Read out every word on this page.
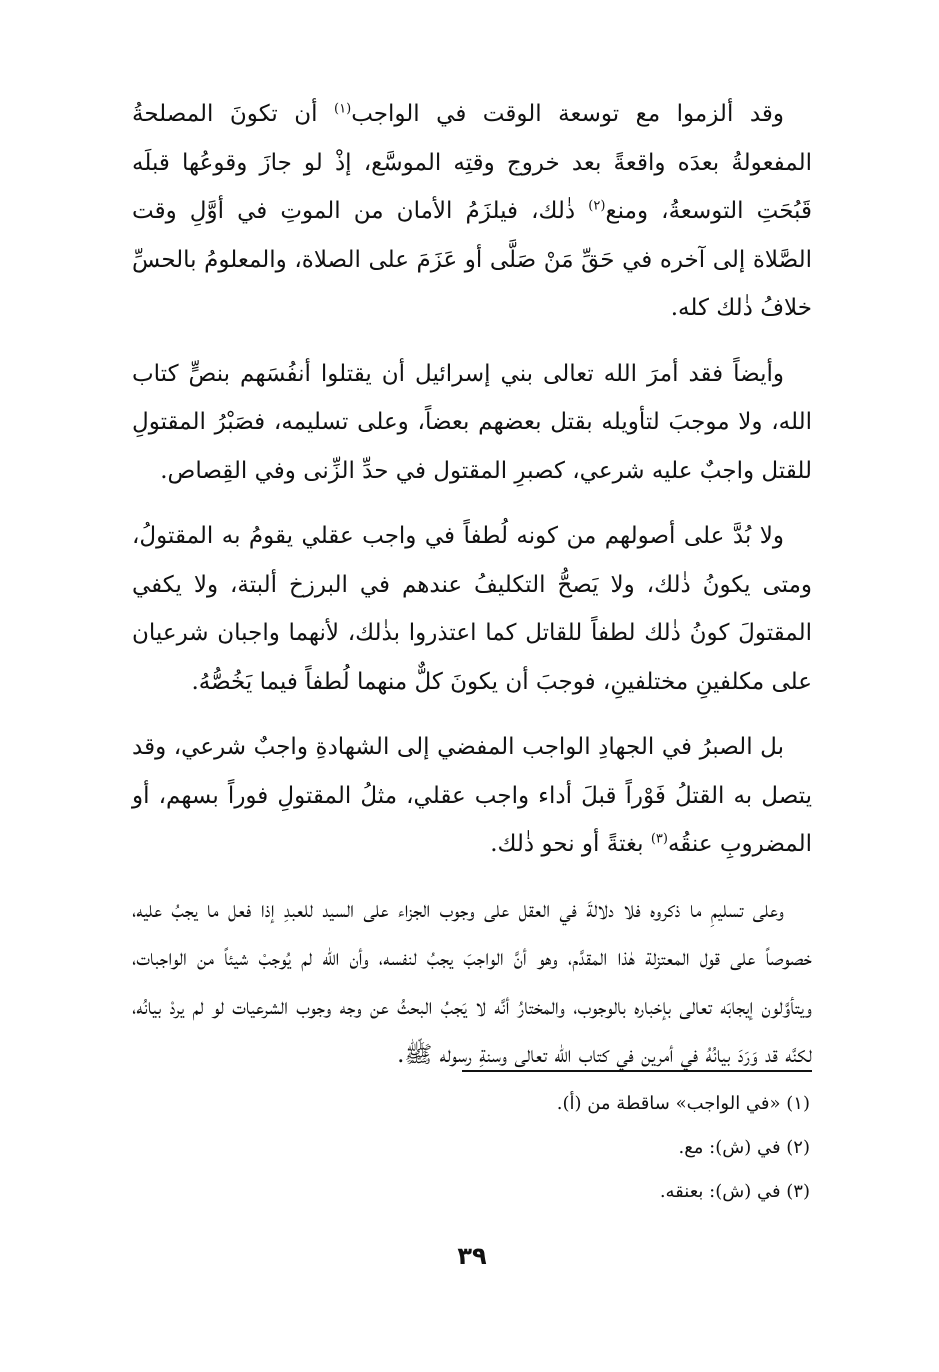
وقد ألزموا مع توسعة الوقت في الواجب$^{(١)}$ أن تكونَ المصلحةُ المفعولةُ بعدَه واقعةً بعد خروج وقتِه الموسَّع، إذْ لو جازَ وقوعُها قبلَه قَبُحَتِ التوسعةُ، ومنع$^{(٢)}$ ذٰلك، فيلزَمُ الأمان من الموتِ في أوَّلِ وقت الصَّلاة إلى آخره في حَقِّ مَنْ صَلَّى أو عَزَمَ على الصلاة، والمعلومُ بالحسِّ خلافُ ذٰلك كله.

وأيضاً فقد أمرَ الله تعالى بني إسرائيل أن يقتلوا أنفُسَهم بنصٍّ كتاب الله، ولا موجبَ لتأويله بقتل بعضهم بعضاً، وعلى تسليمه، فصَبْرُ المقتولِ للقتل واجبٌ عليه شرعي، كصبرِ المقتول في حدِّ الزِّنى وفي القِصاص.

ولا بُدَّ على أصولهم من كونه لُطفاً في واجب عقلي يقومُ به المقتولُ، ومتى يكونُ ذٰلك، ولا يَصحُّ التكليفُ عندهم في البرزخ ألبتة، ولا يكفي المقتولَ كونُ ذٰلك لطفاً للقاتل كما اعتذروا بذٰلك، لأنهما واجبان شرعيان على مكلفينِ مختلفينِ، فوجبَ أن يكونَ كلٌّ منهما لُطفاً فيما يَخُصُّهُ.

بل الصبرُ في الجهادِ الواجب المفضي إلى الشهادةِ واجبٌ شرعي، وقد يتصل به القتلُ فَوْراً قبلَ أداء واجب عقلي، مثلُ المقتولِ فوراً بسهم، أو المضروبِ عنقُه$^{(٣)}$ بغتةً أو نحو ذٰلك.

وعلى تسليمِ ما ذكروه فلا دلالةَ في العقل على وجوب الجزاء على السيد للعبدِ إذا فعل ما يجبُ عليه، خصوصاً على قول المعتزلة هٰذا المقدَّم، وهو أنَّ الواجبَ يجبُ لنفسه، وأن الله لم يُوجبْ شيئاً من الواجبات، ويتأوَّلون إيجابَه تعالى بإخباره بالوجوب، والمختارُ أنَّه لا يَجبُ البحثُ عن وجه وجوب الشرعيات لو لم يردْ بيانُه، لكنَّه قد وَرَدَ بيانُهُ في أمرين في كتاب الله تعالى وسنةِ رسوله ﷺ.

(١) «في الواجب» ساقطة من (أ).

(٢) في (ش): مع.

(٣) في (ش): بعنقه.

٣٩
